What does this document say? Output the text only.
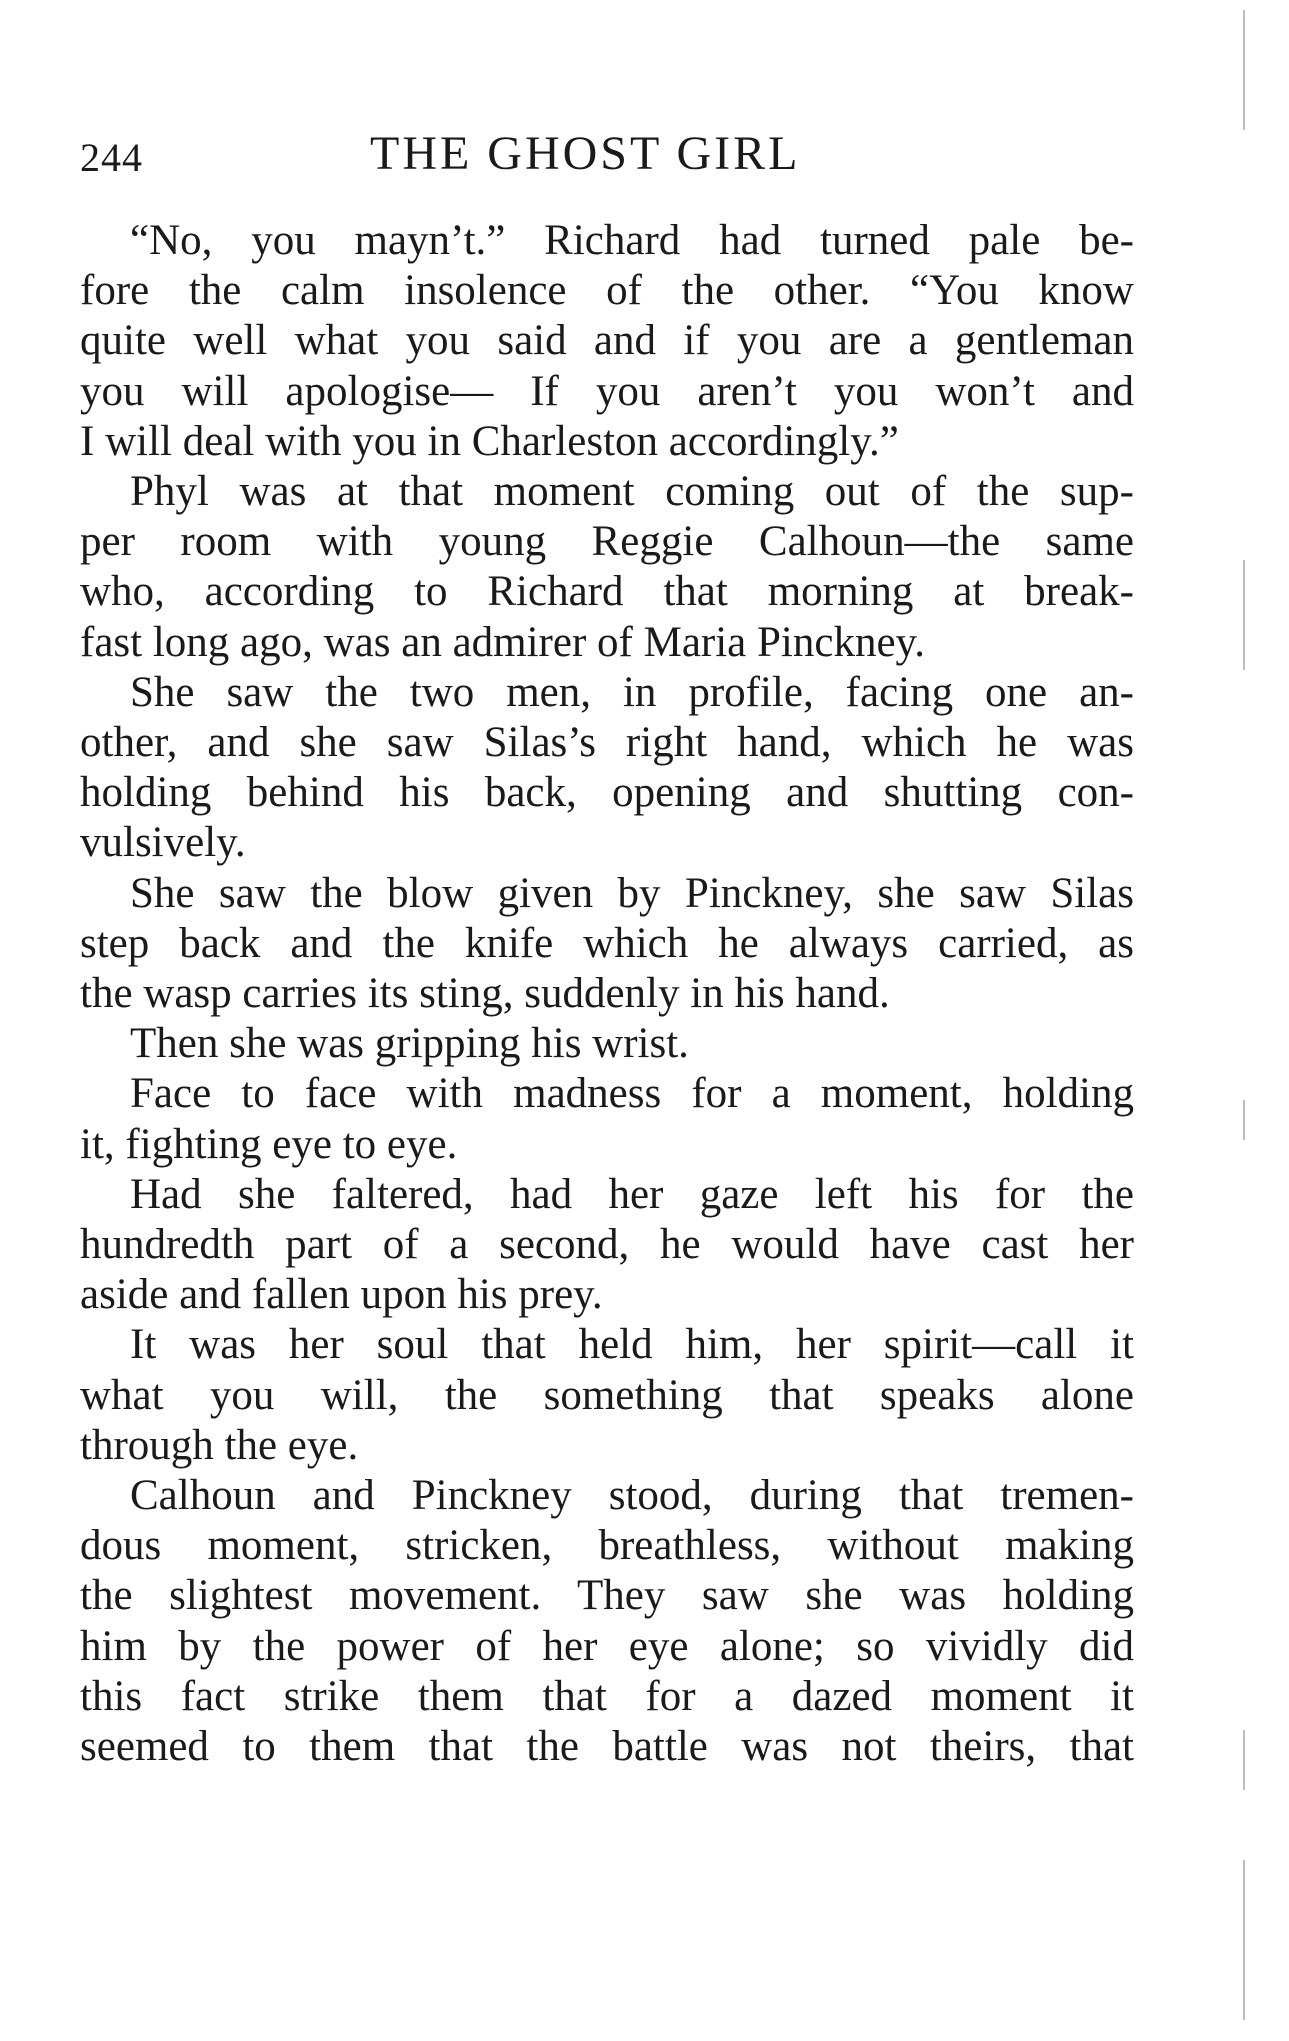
244	THE GHOST GIRL
“No, you mayn’t.” Richard had turned pale be-
fore the calm insolence of the other. “You know
quite well what you said and if you are a gentleman
you will apologise— If you aren’t you won’t and
I will deal with you in Charleston accordingly.”
Phyl was at that moment coming out of the sup-
per room with young Reggie Calhoun—the same
who, according to Richard that morning at break-
fast long ago, was an admirer of Maria Pinckney.
She saw the two men, in profile, facing one an-
other, and she saw Silas’s right hand, which he was
holding behind his back, opening and shutting con-
vulsively.
She saw the blow given by Pinckney, she saw Silas
step back and the knife which he always carried, as
the wasp carries its sting, suddenly in his hand.
Then she was gripping his wrist.
Face to face with madness for a moment, holding
it, fighting eye to eye.
Had she faltered, had her gaze left his for the
hundredth part of a second, he would have cast her
aside and fallen upon his prey.
It was her soul that held him, her spirit—call it
what you will, the something that speaks alone
through the eye.
Calhoun and Pinckney stood, during that tremen-
dous moment, stricken, breathless, without making
the slightest movement. They saw she was holding
him by the power of her eye alone; so vividly did
this fact strike them that for a dazed moment it
seemed to them that the battle was not theirs, that
